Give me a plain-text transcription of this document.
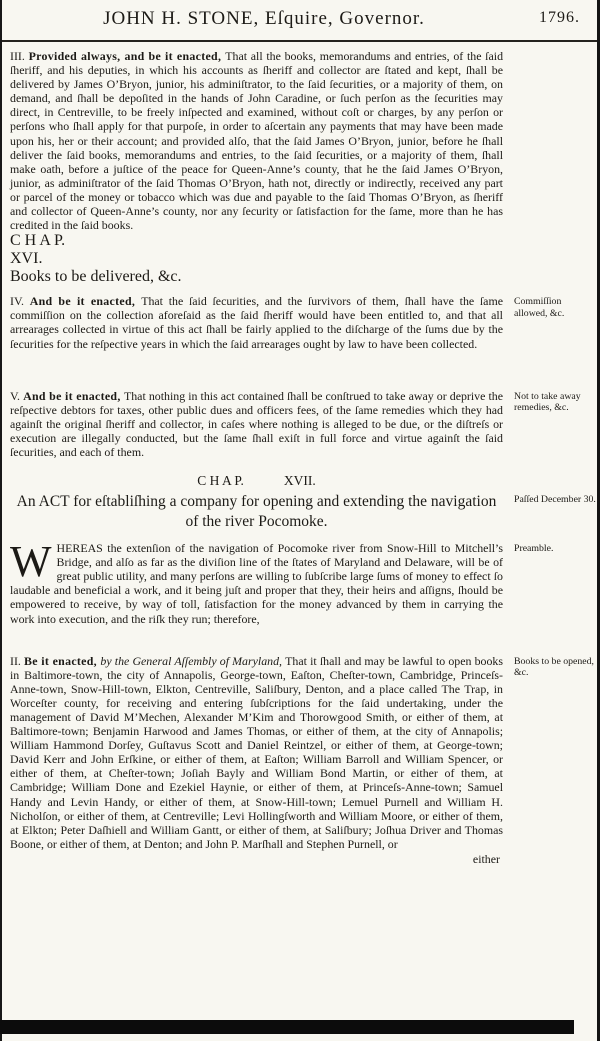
JOHN H. STONE, Eſquire, Governor.	1796.

III. Provided always, and be it enacted, That all the books, memorandums and entries, of the ſaid ſheriff, and his deputies, in which his accounts as ſheriff and collector are ſtated and kept, ſhall be delivered by James O’Bryon, junior, his adminiſtrator, to the ſaid ſecurities, or a majority of them, on demand, and ſhall be depoſited in the hands of John Caradine, or ſuch perſon as the ſecurities may direct, in Centreville, to be freely inſpected and examined, without coſt or charges, by any perſon or perſons who ſhall apply for that purpoſe, in order to aſcertain any payments that may have been made upon his, her or their account; and provided alſo, that the ſaid James O’Bryon, junior, before he ſhall deliver the ſaid books, memorandums and entries, to the ſaid ſecurities, or a majority of them, ſhall make oath, before a juſtice of the peace for Queen-Anne’s county, that he the ſaid James O’Bryon, junior, as adminiſtrator of the ſaid Thomas O’Bryon, hath not, directly or indirectly, received any part or parcel of the money or tobacco which was due and payable to the ſaid Thomas O’Bryon, as ſheriff and collector of Queen-Anne’s county, nor any ſecurity or ſatisfaction for the ſame, more than he has credited in the ſaid books.

C H A P.
XVI.
Books to be delivered, &c.

IV. And be it enacted, That the ſaid ſecurities, and the ſurvivors of them, ſhall have the ſame commiſſion on the collection aforeſaid as the ſaid ſheriff would have been entitled to, and that all arrearages collected in virtue of this act ſhall be fairly applied to the diſcharge of the ſums due by the ſecurities for the reſpective years in which the ſaid arrearages ought by law to have been collected.
Commiſſion allowed, &c.

V. And be it enacted, That nothing in this act contained ſhall be conſtrued to take away or deprive the reſpective debtors for taxes, other public dues and officers fees, of the ſame remedies which they had againſt the original ſheriff and collector, in caſes where nothing is alleged to be due, or the diſtreſs or execution are illegally conducted, but the ſame ſhall exiſt in full force and virtue againſt the ſaid ſecurities, and each of them.
Not to take away remedies, &c.

C H A P.	XVII.
An ACT for eſtabliſhing a company for opening and extending the navigation of the river Pocomoke.
Paſſed December 30.

WHEREAS the extenſion of the navigation of Pocomoke river from Snow-Hill to Mitchell’s Bridge, and alſo as far as the diviſion line of the ſtates of Maryland and Delaware, will be of great public utility, and many perſons are willing to ſubſcribe large ſums of money to effect ſo laudable and beneficial a work, and it being juſt and proper that they, their heirs and aſſigns, ſhould be empowered to receive, by way of toll, ſatisfaction for the money advanced by them in carrying the work into execution, and the riſk they run; therefore,
Preamble.

II. Be it enacted, by the General Aſſembly of Maryland, That it ſhall and may be lawful to open books in Baltimore-town, the city of Annapolis, George-town, Eaſton, Cheſter-town, Cambridge, Princeſs-Anne-town, Snow-Hill-town, Elkton, Centreville, Saliſbury, Denton, and a place called The Trap, in Worceſter county, for receiving and entering ſubſcriptions for the ſaid undertaking, under the management of David M’Mechen, Alexander M’Kim and Thorowgood Smith, or either of them, at Baltimore-town; Benjamin Harwood and James Thomas, or either of them, at the city of Annapolis; William Hammond Dorſey, Guſtavus Scott and Daniel Reintzel, or either of them, at George-town; David Kerr and John Erſkine, or either of them, at Eaſton; William Barroll and William Spencer, or either of them, at Cheſter-town; Joſiah Bayly and William Bond Martin, or either of them, at Cambridge; William Done and Ezekiel Haynie, or either of them, at Princeſs-Anne-town; Samuel Handy and Levin Handy, or either of them, at Snow-Hill-town; Lemuel Purnell and William H. Nicholſon, or either of them, at Centreville; Levi Hollingſworth and William Moore, or either of them, at Elkton; Peter Daſhiell and William Gantt, or either of them, at Saliſbury; Joſhua Driver and Thomas Boone, or either of them, at Denton; and John P. Marſhall and Stephen Purnell, or
Books to be opened, &c.

either
